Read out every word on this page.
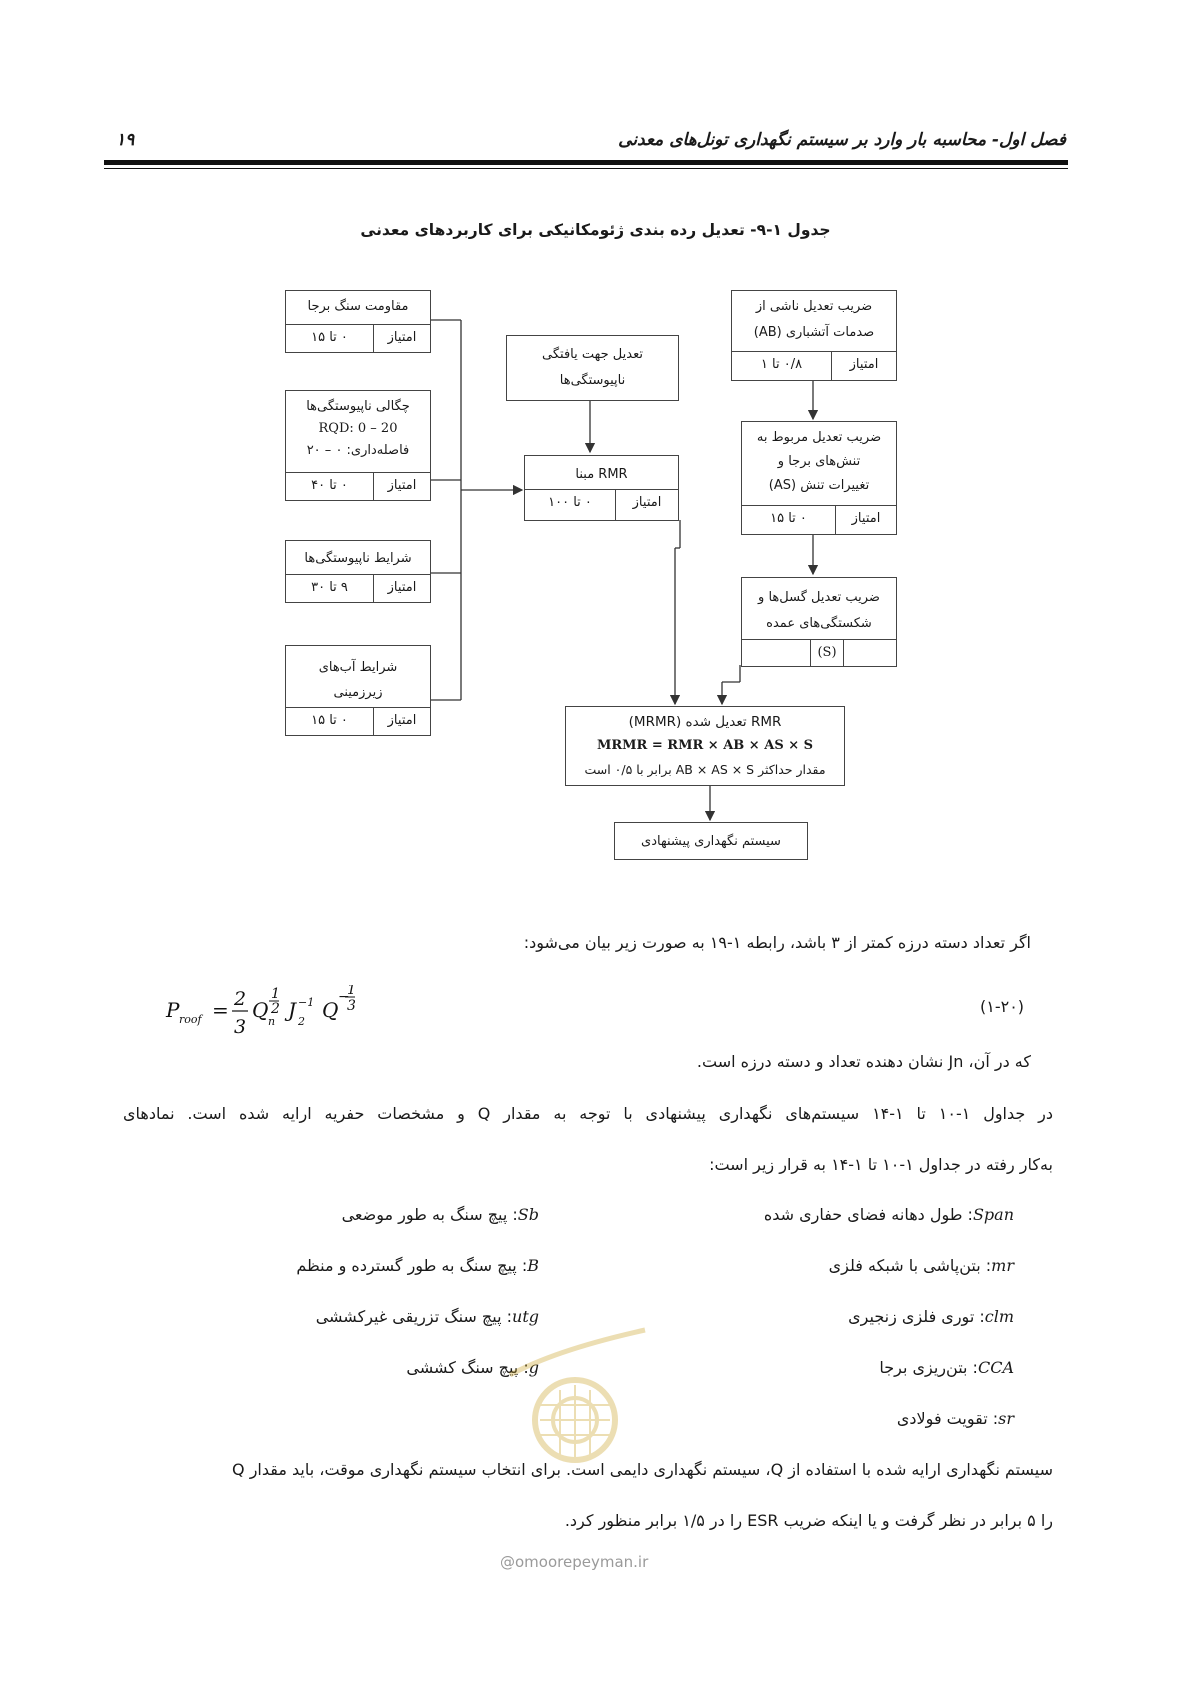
۱۹	فصل اول- محاسبه بار وارد بر سیستم نگهداری تونل‌های معدنی
جدول ۱-۹- تعدیل رده بندی ژئومکانیکی برای کاربردهای معدنی
مقاومت سنگ برجا
امتیاز
۰ تا ۱۵
چگالی ناپیوستگی‌ها
RQD: 0 – 20
فاصله‌داری: ۰ – ۲۰
امتیاز
۰ تا ۴۰
شرایط ناپیوستگی‌ها
امتیاز
۹ تا ۳۰
شرایط آب‌های
زیرزمینی
امتیاز
۰ تا ۱۵
تعدیل جهت یافتگی
ناپیوستگی‌ها
RMR مبنا
امتیاز
۰ تا ۱۰۰
RMR تعدیل شده (MRMR)
MRMR = RMR × AB × AS × S
مقدار حداکثر AB × AS × S برابر با ۰/۵ است
سیستم نگهداری پیشنهادی
ضریب تعدیل ناشی از
صدمات آتشباری (AB)
امتیاز
۰/۸ تا ۱
ضریب تعدیل مربوط به
تنش‌های برجا و
تغییرات تنش (AS)
امتیاز
۰ تا ۱۵
ضریب تعدیل گسل‌ها و
شکستگی‌های عمده
(S)
اگر تعداد دسته درزه کمتر از ۳ باشد، رابطه ۱-۱۹ به صورت زیر بیان می‌شود:
P roof = 2
3
Q n
1
2 J −1
2 Q
−
1
3	(۱-۲۰)
که در آن، Jn نشان دهنده تعداد و دسته درزه است.
در جداول ۱-۱۰ تا ۱-۱۴ سیستم‌های نگهداری پیشنهادی با توجه به مقدار Q و مشخصات حفریه ارایه شده است. نمادهای
به‌کار رفته در جداول ۱-۱۰ تا ۱-۱۴ به قرار زیر است:
Span: طول دهانه فضای حفاری شده
mr: بتن‌پاشی با شبکه فلزی
clm: توری فلزی زنجیری
CCA: بتن‌ریزی برجا
sr: تقویت فولادی
Sb: پیچ سنگ به طور موضعی
B: پیچ سنگ به طور گسترده و منظم
utg: پیچ سنگ تزریقی غیرکششی
g: پیچ سنگ کششی
سیستم نگهداری ارایه شده با استفاده از Q، سیستم نگهداری دایمی است. برای انتخاب سیستم نگهداری موقت، باید مقدار Q
را ۵ برابر در نظر گرفت و یا اینکه ضریب ESR را در ۱/۵ برابر منظور کرد.
@omoorepeyman.ir
